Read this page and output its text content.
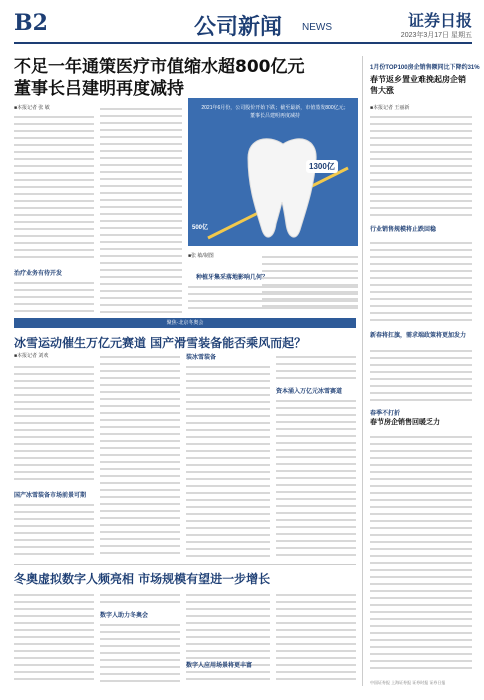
B2	公司新闻 NEWS	证券日报
2023年3月17日 星期五
不足一年通策医疗市值缩水超800亿元
董事长吕建明再度减持
■本报记者 张 敏
治疗业务有待开发
2021年6月份，公司股价开始下跌；截至最新，市值蒸发800亿元；董事长吕建明再度减持
1300亿
500亿
■张 敏/制图
种植牙集采落地影响几何？
1月份TOP100房企销售额同比下降约31%
春节返乡置业难挽起房企销售大涨
■本报记者 王丽新
行业销售规模将止跌回稳
新春将扛旗，需求端政策将更加发力
春季不打折
春节房企销售回暖乏力
中国证券报 上海证券报 证券时报 证券日报
聚焦·北京冬奥会
冰雪运动催生万亿元赛道 国产滑雪装备能否乘风而起？
■本报记者 刘欢
国产冰雪装备市场前景可期
装冰雪装备
资本涌入万亿元冰雪赛道
冬奥虚拟数字人频亮相 市场规模有望进一步增长
数字人助力冬奥会
数字人应用场景将更丰富
